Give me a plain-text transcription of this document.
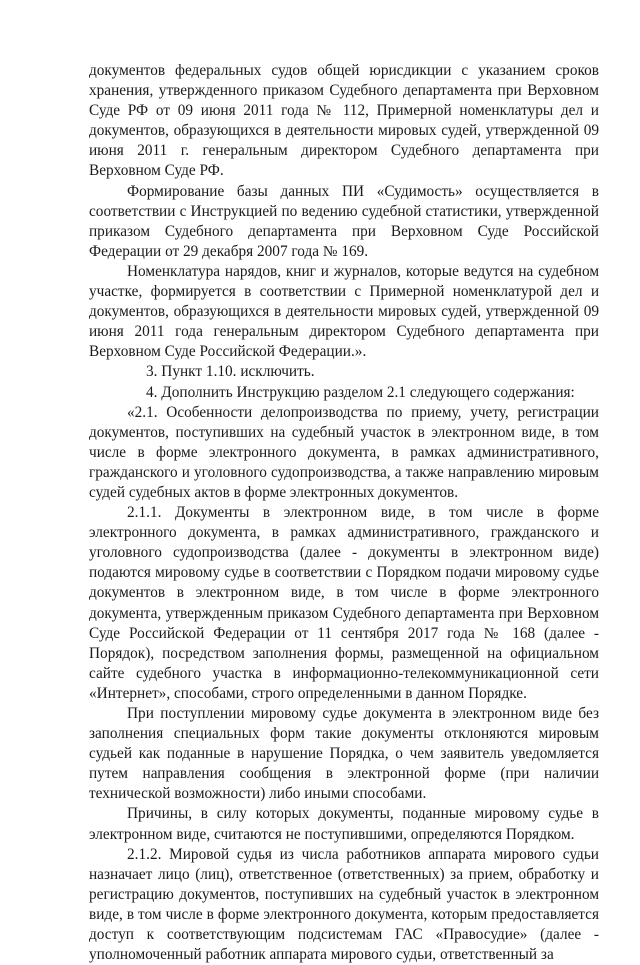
документов федеральных судов общей юрисдикции с указанием сроков хранения, утвержденного приказом Судебного департамента при Верховном Суде РФ от 09 июня 2011 года № 112, Примерной номенклатуры дел и документов, образующихся в деятельности мировых судей, утвержденной 09 июня 2011 г. генеральным директором Судебного департамента при Верховном Суде РФ.

Формирование базы данных ПИ «Судимость» осуществляется в соответствии с Инструкцией по ведению судебной статистики, утвержденной приказом Судебного департамента при Верховном Суде Российской Федерации от 29 декабря 2007 года № 169.

Номенклатура нарядов, книг и журналов, которые ведутся на судебном участке, формируется в соответствии с Примерной номенклатурой дел и документов, образующихся в деятельности мировых судей, утвержденной 09 июня 2011 года генеральным директором Судебного департамента при Верховном Суде Российской Федерации.».

3. Пункт 1.10. исключить.

4. Дополнить Инструкцию разделом 2.1 следующего содержания:

«2.1. Особенности делопроизводства по приему, учету, регистрации документов, поступивших на судебный участок в электронном виде, в том числе в форме электронного документа, в рамках административного, гражданского и уголовного судопроизводства, а также направлению мировым судей судебных актов в форме электронных документов.

2.1.1. Документы в электронном виде, в том числе в форме электронного документа, в рамках административного, гражданского и уголовного судопроизводства (далее - документы в электронном виде) подаются мировому судье в соответствии с Порядком подачи мировому судье документов в электронном виде, в том числе в форме электронного документа, утвержденным приказом Судебного департамента при Верховном Суде Российской Федерации от 11 сентября 2017 года № 168 (далее - Порядок), посредством заполнения формы, размещенной на официальном сайте судебного участка в информационно-телекоммуникационной сети «Интернет», способами, строго определенными в данном Порядке.

При поступлении мировому судье документа в электронном виде без заполнения специальных форм такие документы отклоняются мировым судьей как поданные в нарушение Порядка, о чем заявитель уведомляется путем направления сообщения в электронной форме (при наличии технической возможности) либо иными способами.

Причины, в силу которых документы, поданные мировому судье в электронном виде, считаются не поступившими, определяются Порядком.

2.1.2. Мировой судья из числа работников аппарата мирового судьи назначает лицо (лиц), ответственное (ответственных) за прием, обработку и регистрацию документов, поступивших на судебный участок в электронном виде, в том числе в форме электронного документа, которым предоставляется доступ к соответствующим подсистемам ГАС «Правосудие» (далее - уполномоченный работник аппарата мирового судьи, ответственный за
